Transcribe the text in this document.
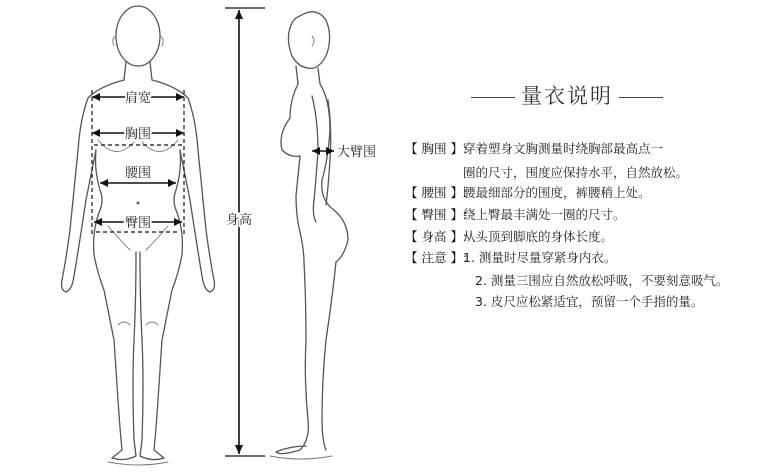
肩宽
胸围
腰围
臀围	身高
大臂围
量衣说明
【 胸围 】:穿着塑身文胸测量时绕胸部最高点一
圈的尺寸，围度应保持水平，自然放松。
【 腰围 】:腰最细部分的围度，裤腰稍上处。
【 臀围 】:绕上臀最丰满处一圈的尺寸。
【 身高 】:从头顶到脚底的身体长度。
【 注意 】:1. 测量时尽量穿紧身内衣。
2. 测量三围应自然放松呼吸，不要刻意吸气。
3. 皮尺应松紧适宜，预留一个手指的量。
